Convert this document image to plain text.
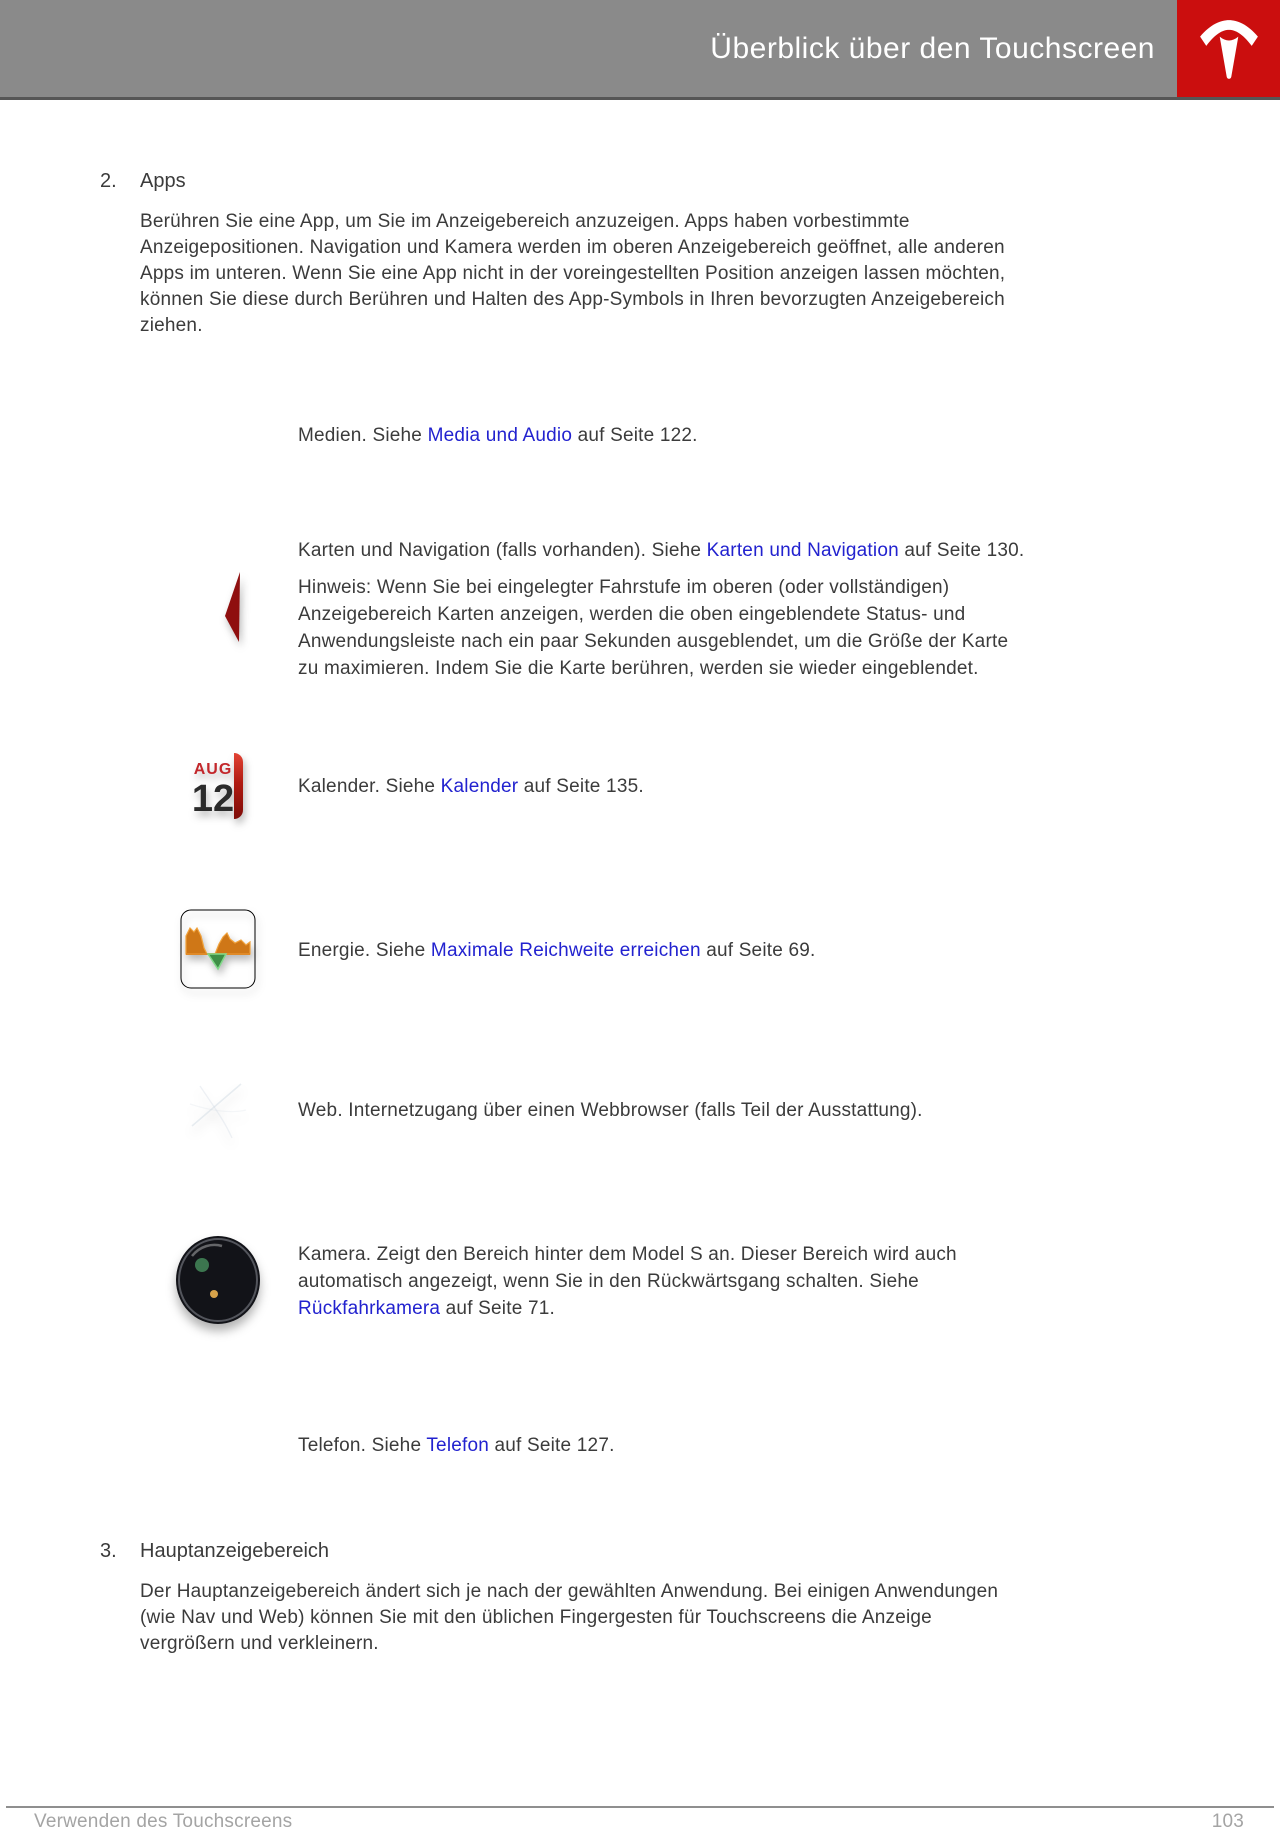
Überblick über den Touchscreen
2.	Apps

Berühren Sie eine App, um Sie im Anzeigebereich anzuzeigen. Apps haben vorbestimmte Anzeigepositionen. Navigation und Kamera werden im oberen Anzeigebereich geöffnet, alle anderen Apps im unteren. Wenn Sie eine App nicht in der voreingestellten Position anzeigen lassen möchten, können Sie diese durch Berühren und Halten des App-Symbols in Ihren bevorzugten Anzeigebereich ziehen.

Medien. Siehe Media und Audio auf Seite 122.

Karten und Navigation (falls vorhanden). Siehe Karten und Navigation auf Seite 130.

Hinweis: Wenn Sie bei eingelegter Fahrstufe im oberen (oder vollständigen) Anzeigebereich Karten anzeigen, werden die oben eingeblendete Status- und Anwendungsleiste nach ein paar Sekunden ausgeblendet, um die Größe der Karte zu maximieren. Indem Sie die Karte berühren, werden sie wieder eingeblendet.

AUG
12	Kalender. Siehe Kalender auf Seite 135.

Energie. Siehe Maximale Reichweite erreichen auf Seite 69.

Web. Internetzugang über einen Webbrowser (falls Teil der Ausstattung).

Kamera. Zeigt den Bereich hinter dem Model S an. Dieser Bereich wird auch automatisch angezeigt, wenn Sie in den Rückwärtsgang schalten. Siehe Rückfahrkamera auf Seite 71.

Telefon. Siehe Telefon auf Seite 127.

3.	Hauptanzeigebereich

Der Hauptanzeigebereich ändert sich je nach der gewählten Anwendung. Bei einigen Anwendungen (wie Nav und Web) können Sie mit den üblichen Fingergesten für Touchscreens die Anzeige vergrößern und verkleinern.

Verwenden des Touchscreens	103
